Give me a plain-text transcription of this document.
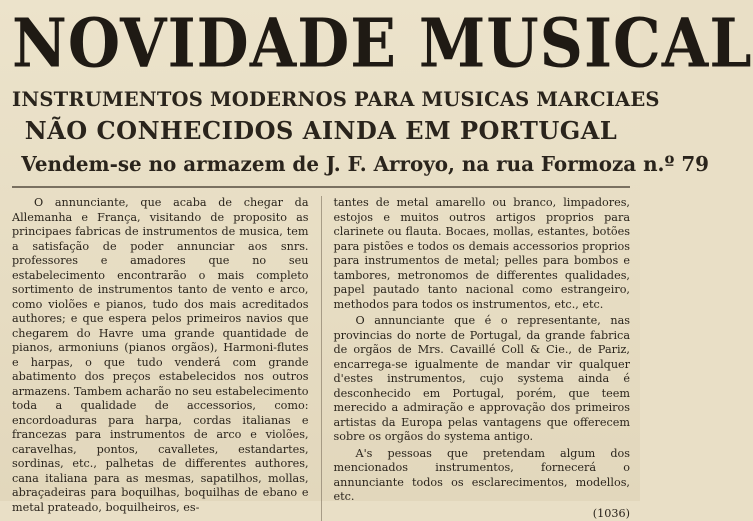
NOVIDADE MUSICAL
INSTRUMENTOS MODERNOS PARA MUSICAS MARCIAES
NÃO CONHECIDOS AINDA EM PORTUGAL
Vendem-se no armazem de J. F. Arroyo, na rua Formoza n.º 79

O annunciante, que acaba de chegar da Allemanha e França, visitando de proposito as principaes fabricas de instrumentos de musica, tem a satisfação de poder annunciar aos snrs. professores e amadores que no seu estabelecimento encontrarão o mais completo sortimento de instrumentos tanto de vento e arco, como violões e pianos, tudo dos mais acreditados authores; e que espera pelos primeiros navios que chegarem do Havre uma grande quantidade de pianos, armoniuns (pianos orgãos), Harmoni-flutes e harpas, o que tudo venderá com grande abatimento dos preços estabelecidos nos outros armazens. Tambem acharão no seu estabelecimento toda a qualidade de accessorios, como: encordoaduras para harpa, cordas italianas e francezas para instrumentos de arco e violões, caravelhas, pontos, cavalletes, estandartes, sordinas, etc., palhetas de differentes authores, cana italiana para as mesmas, sapatilhos, mollas, abraçadeiras para boquilhas, boquilhas de ebano e metal prateado, boquilheiros, es-

tantes de metal amarello ou branco, limpadores, estojos e muitos outros artigos proprios para clarinete ou flauta. Bocaes, mollas, estantes, botões para pistões e todos os demais accessorios proprios para instrumentos de metal; pelles para bombos e tambores, metronomos de differentes qualidades, papel pautado tanto nacional como estrangeiro, methodos para todos os instrumentos, etc., etc.

O annunciante que é o representante, nas provincias do norte de Portugal, da grande fabrica de orgãos de Mrs. Cavaillé Coll & Cie., de Pariz, encarrega-se igualmente de mandar vir qualquer d'estes instrumentos, cujo systema ainda é desconhecido em Portugal, porém, que teem merecido a admiração e approvação dos primeiros artistas da Europa pelas vantagens que offerecem sobre os orgãos do systema antigo.

A's pessoas que pretendam algum dos mencionados instrumentos, fornecerá o annunciante todos os esclarecimentos, modellos, etc.

(1036)
